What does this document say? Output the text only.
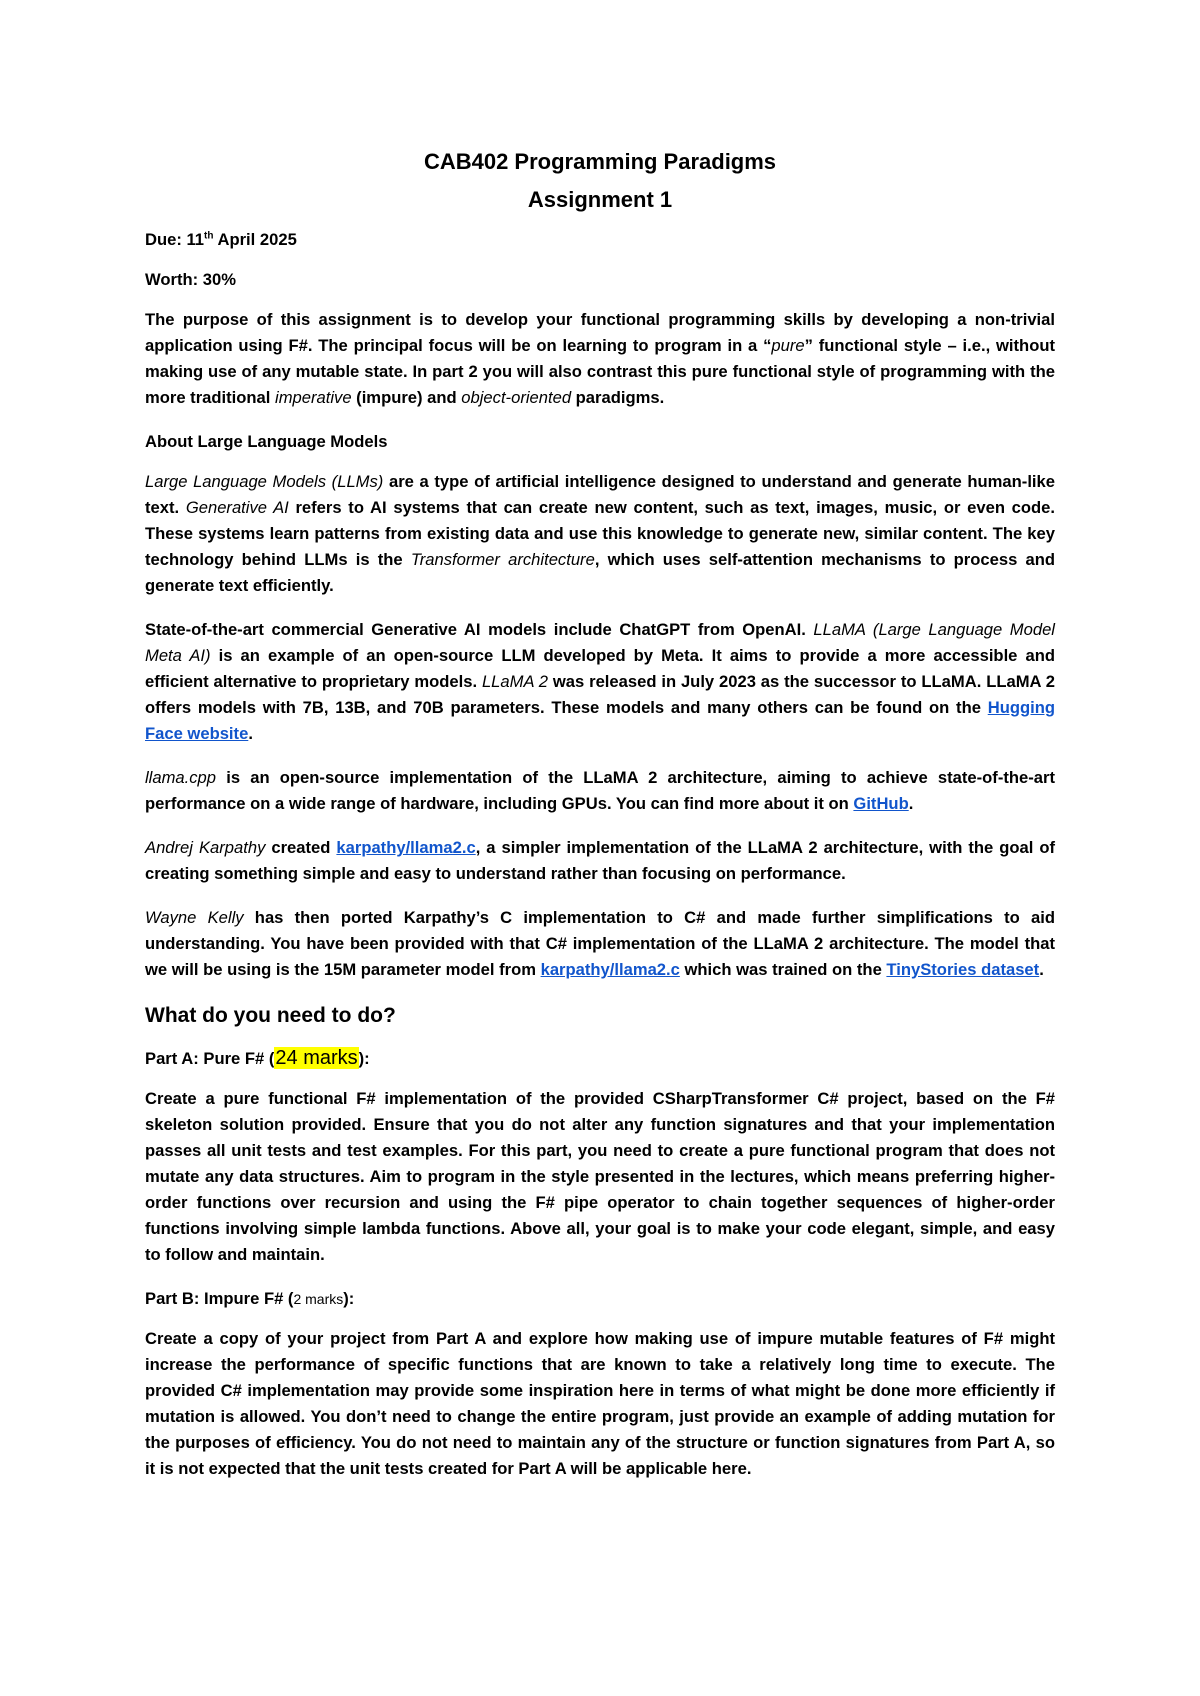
CAB402 Programming Paradigms
Assignment 1

Due: 11th April 2025

Worth: 30%

The purpose of this assignment is to develop your functional programming skills by developing a non-trivial application using F#. The principal focus will be on learning to program in a “pure” functional style – i.e., without making use of any mutable state. In part 2 you will also contrast this pure functional style of programming with the more traditional imperative (impure) and object-oriented paradigms.

About Large Language Models

Large Language Models (LLMs) are a type of artificial intelligence designed to understand and generate human-like text. Generative AI refers to AI systems that can create new content, such as text, images, music, or even code. These systems learn patterns from existing data and use this knowledge to generate new, similar content. The key technology behind LLMs is the Transformer architecture, which uses self-attention mechanisms to process and generate text efficiently.

State-of-the-art commercial Generative AI models include ChatGPT from OpenAI. LLaMA (Large Language Model Meta AI) is an example of an open-source LLM developed by Meta. It aims to provide a more accessible and efficient alternative to proprietary models. LLaMA 2 was released in July 2023 as the successor to LLaMA. LLaMA 2 offers models with 7B, 13B, and 70B parameters. These models and many others can be found on the Hugging Face website.

llama.cpp is an open-source implementation of the LLaMA 2 architecture, aiming to achieve state-of-the-art performance on a wide range of hardware, including GPUs. You can find more about it on GitHub.

Andrej Karpathy created karpathy/llama2.c, a simpler implementation of the LLaMA 2 architecture, with the goal of creating something simple and easy to understand rather than focusing on performance.

Wayne Kelly has then ported Karpathy’s C implementation to C# and made further simplifications to aid understanding. You have been provided with that C# implementation of the LLaMA 2 architecture. The model that we will be using is the 15M parameter model from karpathy/llama2.c which was trained on the TinyStories dataset.

What do you need to do?

Part A: Pure F# (24 marks):

Create a pure functional F# implementation of the provided CSharpTransformer C# project, based on the F# skeleton solution provided. Ensure that you do not alter any function signatures and that your implementation passes all unit tests and test examples. For this part, you need to create a pure functional program that does not mutate any data structures. Aim to program in the style presented in the lectures, which means preferring higher-order functions over recursion and using the F# pipe operator to chain together sequences of higher-order functions involving simple lambda functions. Above all, your goal is to make your code elegant, simple, and easy to follow and maintain.

Part B: Impure F# (2 marks):

Create a copy of your project from Part A and explore how making use of impure mutable features of F# might increase the performance of specific functions that are known to take a relatively long time to execute. The provided C# implementation may provide some inspiration here in terms of what might be done more efficiently if mutation is allowed. You don’t need to change the entire program, just provide an example of adding mutation for the purposes of efficiency. You do not need to maintain any of the structure or function signatures from Part A, so it is not expected that the unit tests created for Part A will be applicable here.
